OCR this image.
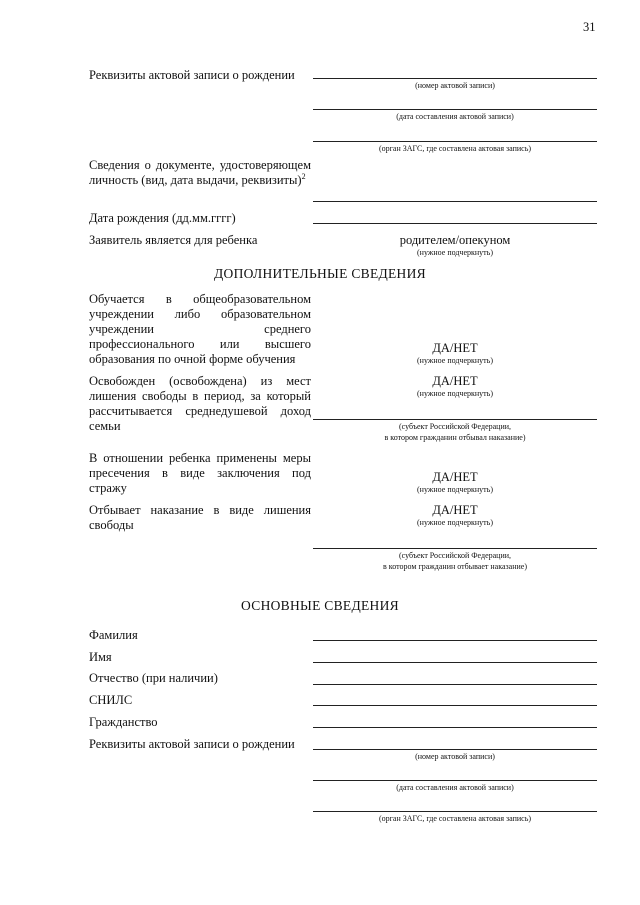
31
Реквизиты актовой записи о рождении
(номер актовой записи)
(дата составления актовой записи)
(орган ЗАГС, где составлена актовая запись)
Сведения о документе, удостоверяющем личность (вид, дата выдачи, реквизиты)$^2$
Дата рождения (дд.мм.гггг)
Заявитель является для ребенка	родителем/опекуном
(нужное подчеркнуть)
ДОПОЛНИТЕЛЬНЫЕ СВЕДЕНИЯ
Обучается в общеобразовательном учреждении либо образовательном учреждении среднего профессионального или высшего образования по очной форме обучения
ДА/НЕТ
(нужное подчеркнуть)
Освобожден (освобождена) из мест лишения свободы в период, за который рассчитывается среднедушевой доход семьи
ДА/НЕТ
(нужное подчеркнуть)
(субъект Российской Федерации,
в котором гражданин отбывал наказание)
В отношении ребенка применены меры пресечения в виде заключения под стражу
ДА/НЕТ
(нужное подчеркнуть)
Отбывает наказание в виде лишения свободы
ДА/НЕТ
(нужное подчеркнуть)
(субъект Российской Федерации,
в котором гражданин отбывает наказание)
ОСНОВНЫЕ СВЕДЕНИЯ
Фамилия
Имя
Отчество (при наличии)
СНИЛС
Гражданство
Реквизиты актовой записи о рождении
(номер актовой записи)
(дата составления актовой записи)
(орган ЗАГС, где составлена актовая запись)
